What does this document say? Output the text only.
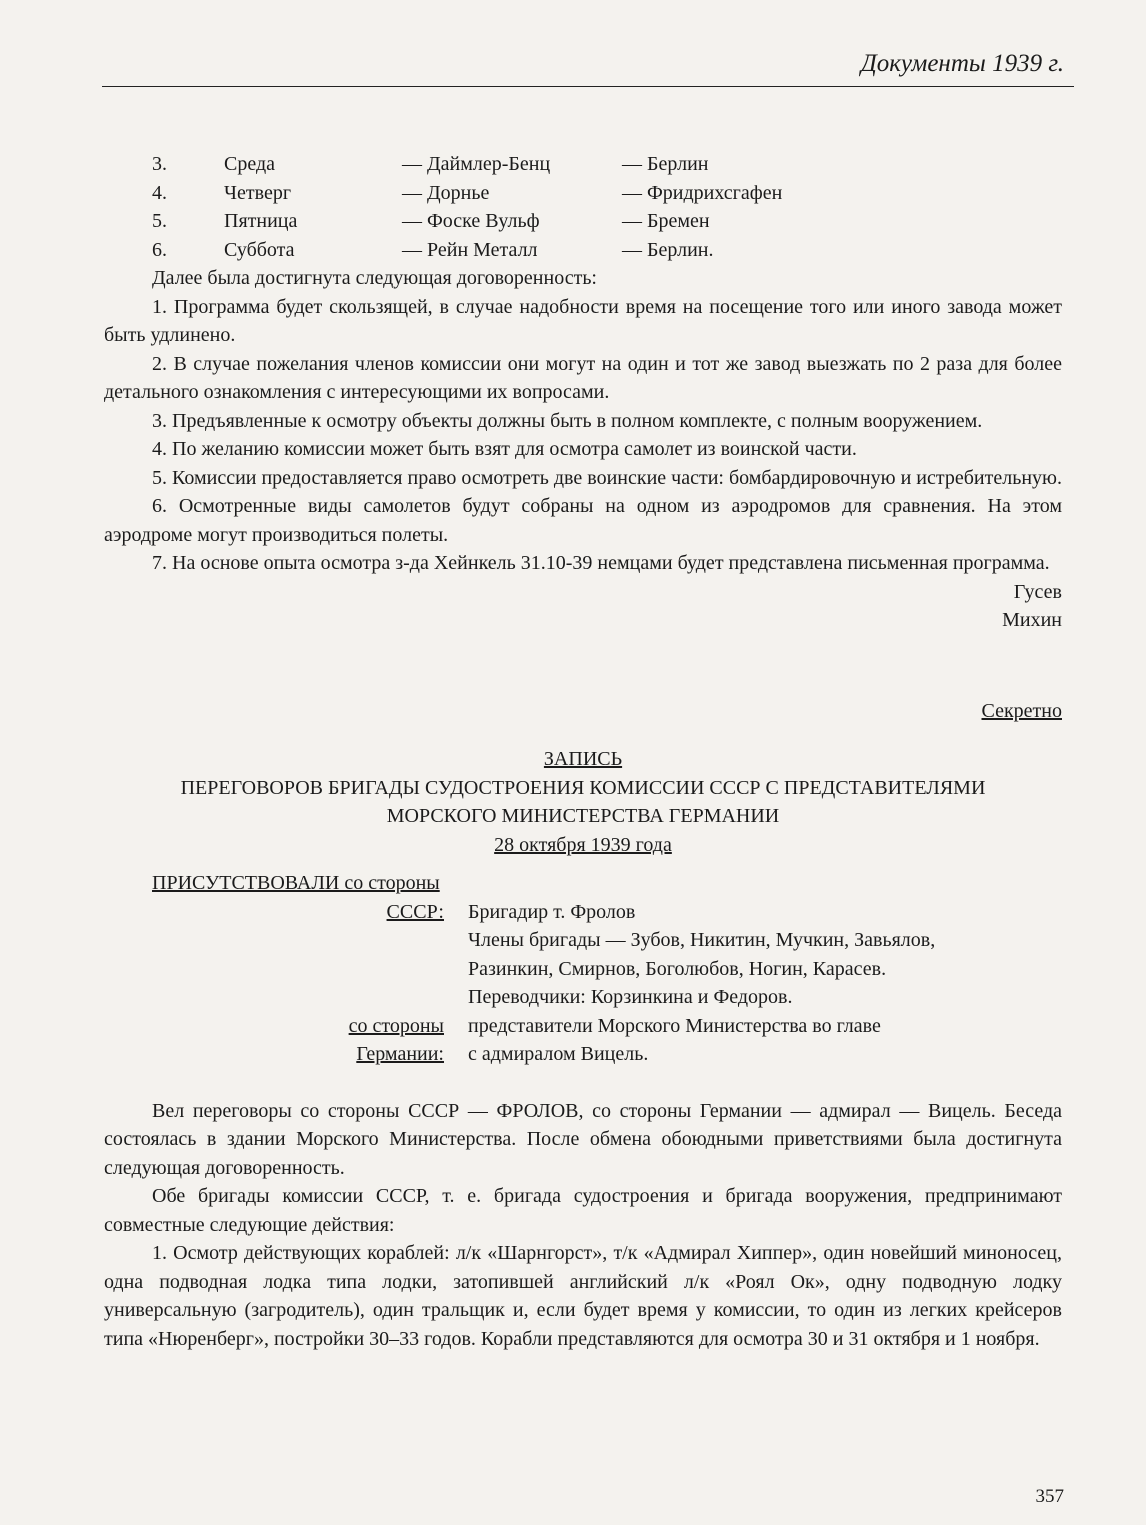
Документы 1939 г.
3.	Среда	— Даймлер-Бенц	— Берлин
4.	Четверг	— Дорнье	— Фридрихсгафен
5.	Пятница	— Фоске Вульф	— Бремен
6.	Суббота	— Рейн Металл	— Берлин.

Далее была достигнута следующая договоренность:

1. Программа будет скользящей, в случае надобности время на посещение того или иного завода может быть удлинено.

2. В случае пожелания членов комиссии они могут на один и тот же завод выезжать по 2 раза для более детального ознакомления с интересующими их вопросами.

3. Предъявленные к осмотру объекты должны быть в полном комплекте, с полным вооружением.

4. По желанию комиссии может быть взят для осмотра самолет из воинской части.

5. Комиссии предоставляется право осмотреть две воинские части: бомбардировочную и истребительную.

6. Осмотренные виды самолетов будут собраны на одном из аэродромов для сравнения. На этом аэродроме могут производиться полеты.

7. На основе опыта осмотра з-да Хейнкель 31.10-39 немцами будет представлена письменная программа.

Гусев

Михин

Секретно
ЗАПИСЬ
ПЕРЕГОВОРОВ БРИГАДЫ СУДОСТРОЕНИЯ КОМИССИИ СССР С ПРЕДСТАВИТЕЛЯМИ
МОРСКОГО МИНИСТЕРСТВА ГЕРМАНИИ
28 октября 1939 года
ПРИСУТСТВОВАЛИ со стороны
СССР:	Бригадир т. Фролов
Члены бригады — Зубов, Никитин, Мучкин, Завьялов,
Разинкин, Смирнов, Боголюбов, Ногин, Карасев.
Переводчики: Корзинкина и Федоров.
со стороны	представители Морского Министерства во главе
Германии:	с адмиралом Вицель.

Вел переговоры со стороны СССР — ФРОЛОВ, со стороны Германии — адмирал — Вицель. Беседа состоялась в здании Морского Министерства. После обмена обоюдными приветствиями была достигнута следующая договоренность.

Обе бригады комиссии СССР, т. е. бригада судостроения и бригада вооружения, предпринимают совместные следующие действия:

1. Осмотр действующих кораблей: л/к «Шарнгорст», т/к «Адмирал Хиппер», один новейший миноносец, одна подводная лодка типа лодки, затопившей английский л/к «Роял Ок», одну подводную лодку универсальную (загродитель), один тральщик и, если будет время у комиссии, то один из легких крейсеров типа «Нюренберг», постройки 30–33 годов. Корабли представляются для осмотра 30 и 31 октября и 1 ноября.

357
